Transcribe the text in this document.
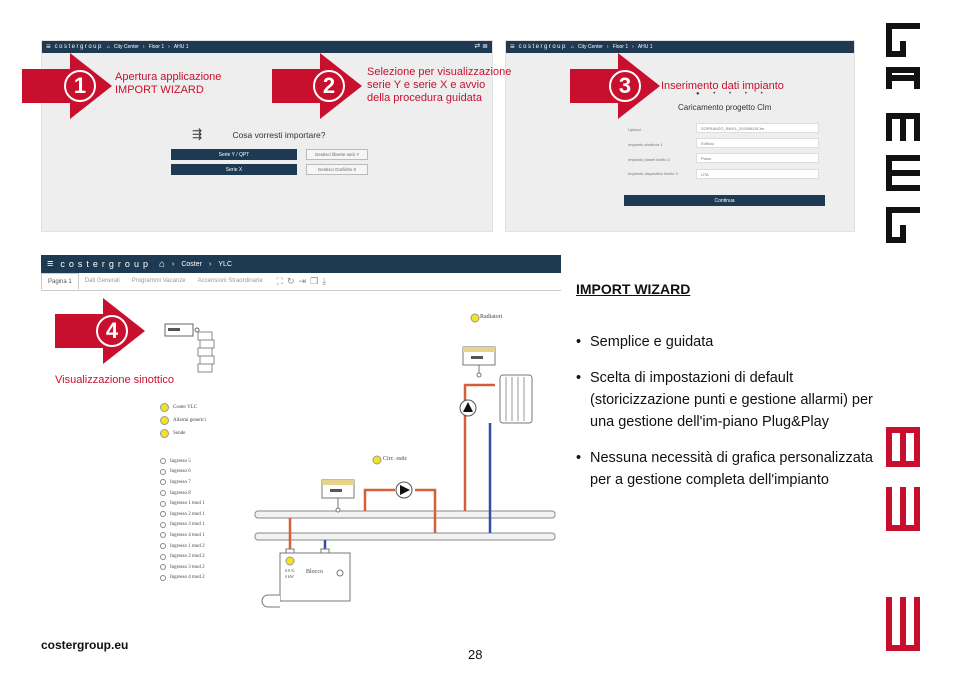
≡ costergroup ⌂ City Center › Floor 1 › AHU 1	⇄ ≣
⇶	Cosa vorresti importare?
Serie Y / QPT
Serie X
Gestisci librerie serii Y
Gestisci Grafiche X
≡ costergroup ⌂ City Center › Floor 1 › AHU 1
● • • • •
Caricamento progetto Clm
Upload	SOPRANZO_RMX1_20200815Clm
Impianto struttura 1	Edificio
Impianto planet livello 2	Piano
Impianto dispositivo livello 3	UTA
Continua
≡ costergroup ⌂ › Coster › YLC
Pagina 1	Dati Generali	Programmi Vacanze	Accensioni Straordinarie	⛶ ↻ ⇥ ❐ ⤓
Coster YLC
Allarmi generici
Sonde
Ingresso 5
Ingresso 6
Ingresso 7
Ingresso 8
Ingresso 1 mod 1
Ingresso 2 mod 1
Ingresso 3 mod 1
Ingresso 4 mod 1
Ingresso 1 mod 2
Ingresso 2 mod 2
Ingresso 3 mod 2
Ingresso 4 mod 2
Radiatori
Circ. estic
Blocco
0.0 %
0 kW
1	Apertura applicazione
IMPORT WIZARD	2
Selezione per visualizzazione
serie Y e serie X e avvio
della procedura guidata	3	Inserimento dati impianto
4
Visualizzazione sinottico
IMPORT WIZARD
• Semplice e guidata
• Scelta di impostazioni di default (storicizzazione punti e gestione allarmi) per una gestione dell'im-piano Plug&Play
• Nessuna necessità di grafica personalizzata per a gestione completa dell'impianto
costergroup.eu
28
